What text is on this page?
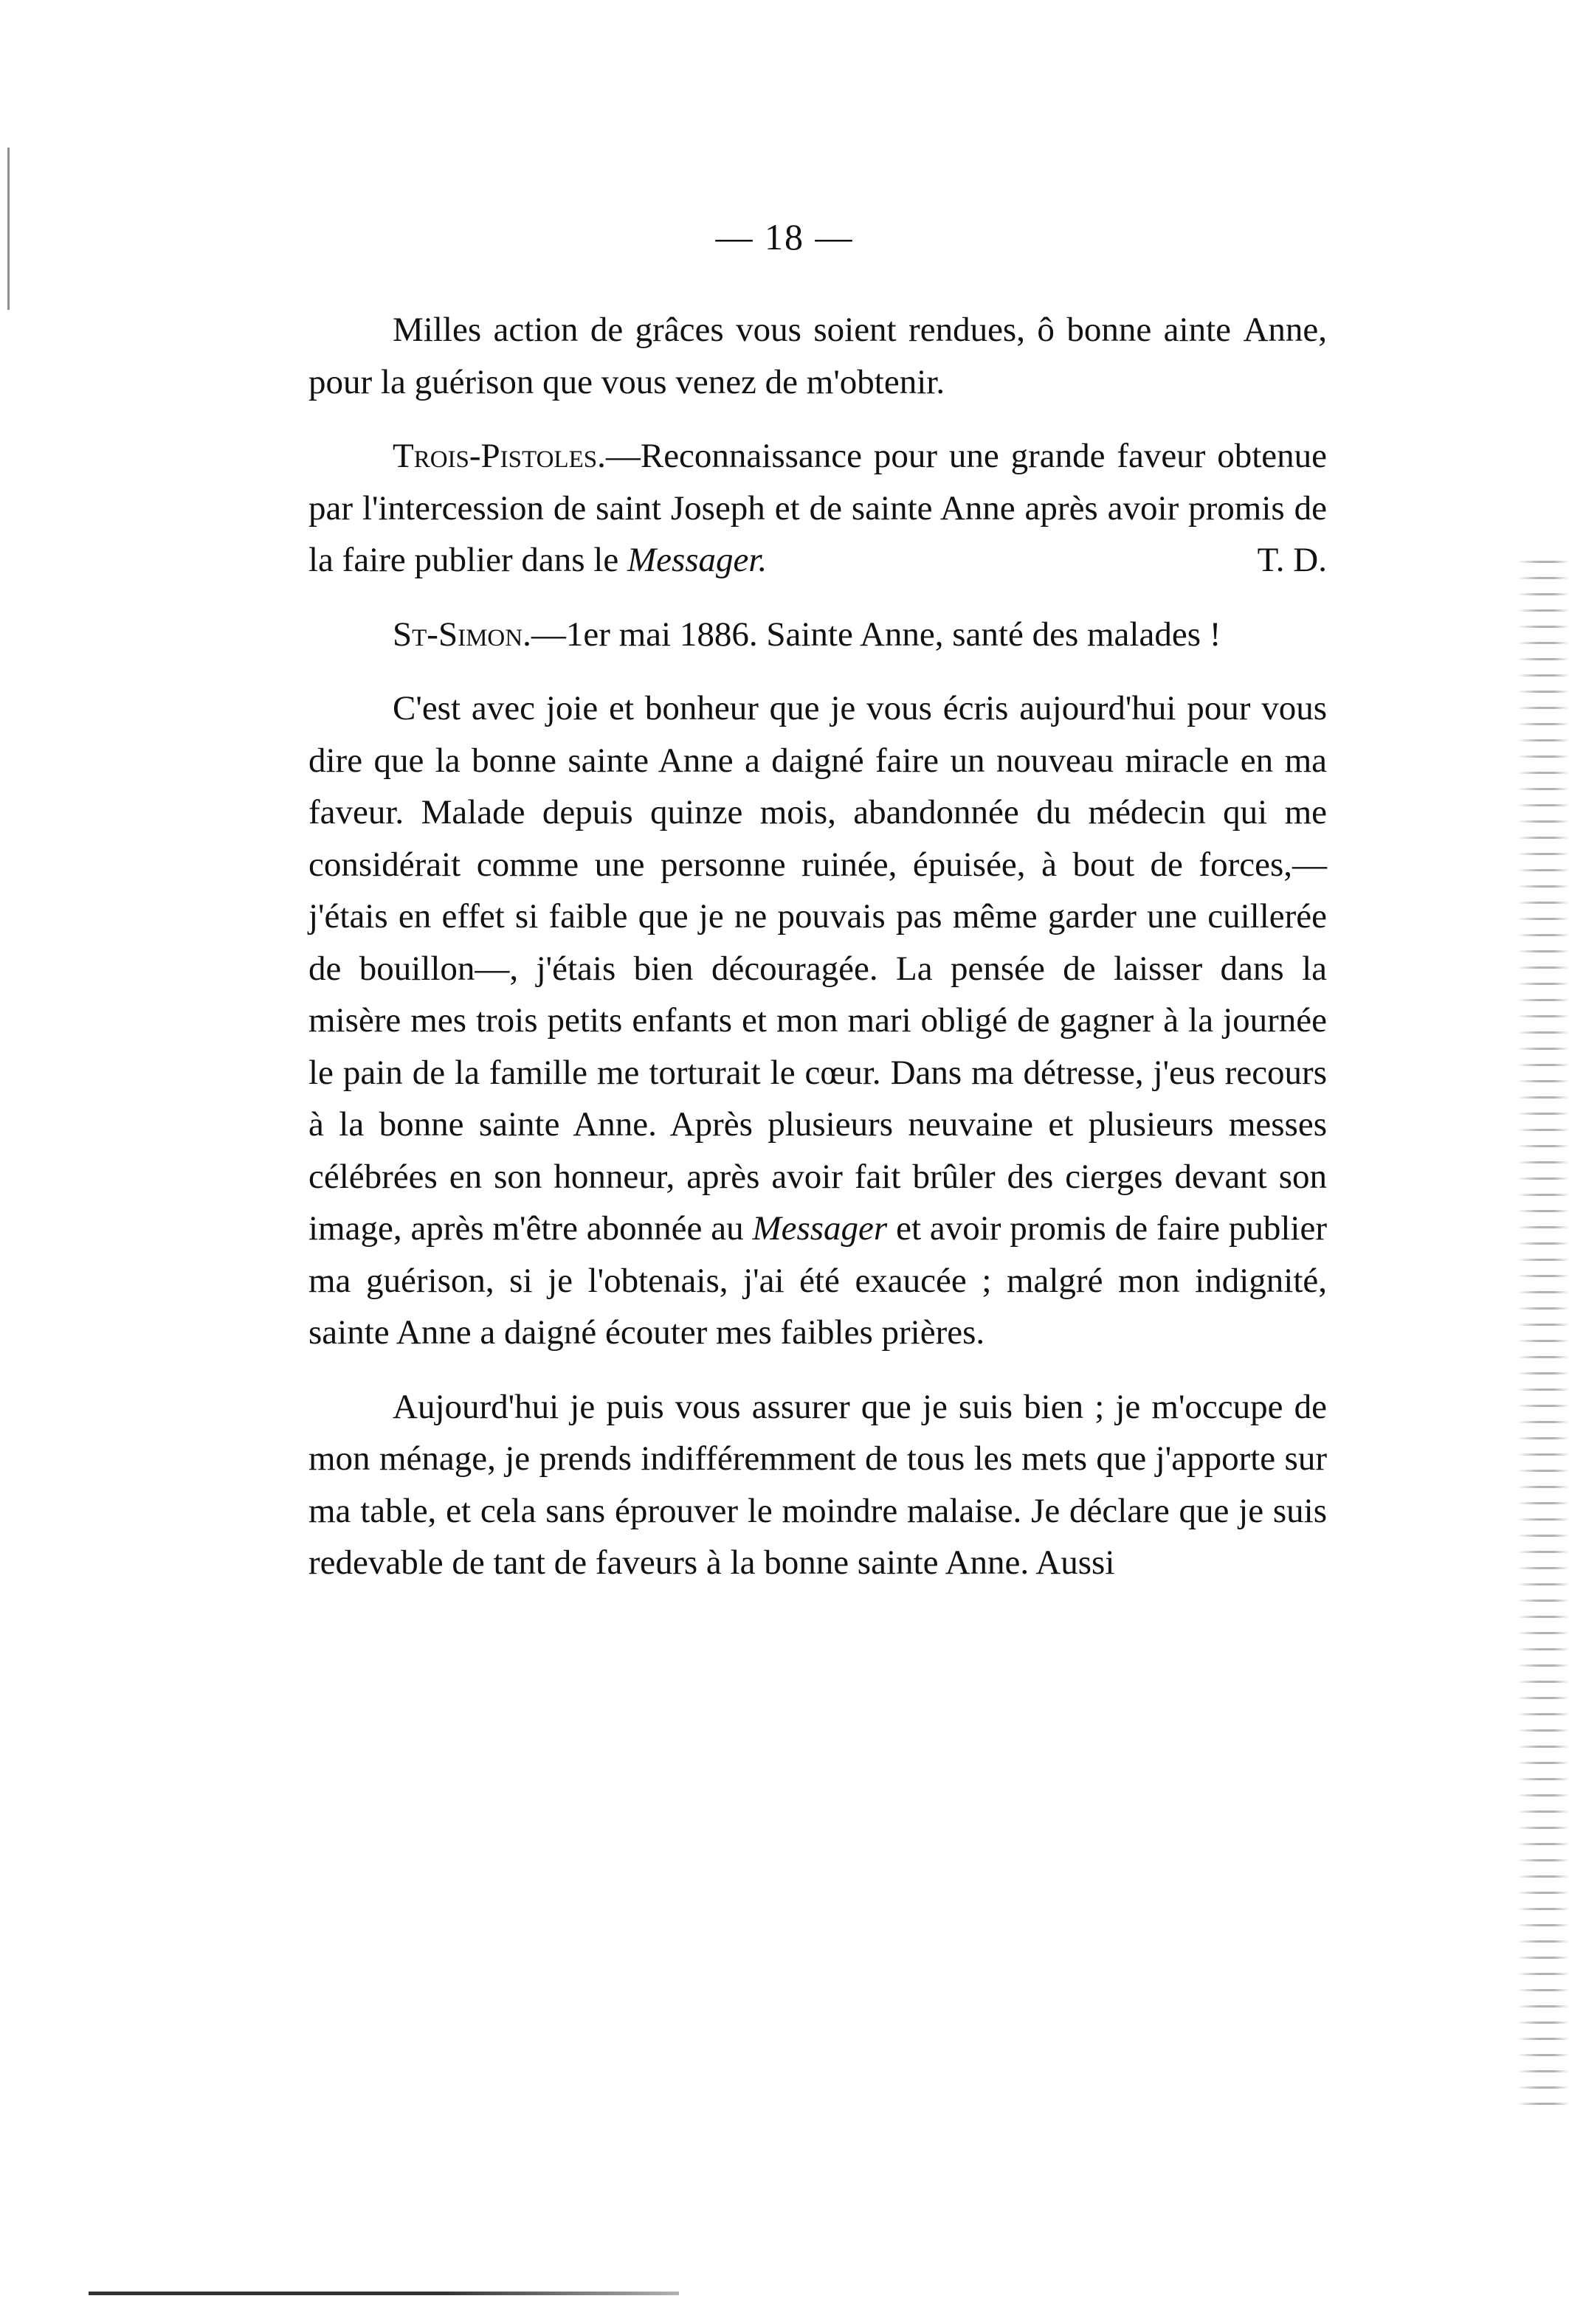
— 18 —

Milles action de grâces vous soient rendues, ô bonne aintе Anne, pour la guérison que vous venez de m'obtenir.

Trois-Pistoles.—Reconnaissance pour une grande faveur obtenue par l'intercession de saint Joseph et de sainte Anne après avoir promis de la faire publier dans le Messager.	T. D.

St-Simon.—1er mai 1886. Sainte Anne, santé des malades !

C'est avec joie et bonheur que je vous écris aujourd'hui pour vous dire que la bonne sainte Anne a daigné faire un nouveau miracle en ma faveur. Malade depuis quinze mois, abandonnée du médecin qui me considérait comme une personne ruinée, épuisée, à bout de forces,—j'étais en effet si faible que je ne pouvais pas même garder une cuillerée de bouillon—, j'étais bien découragée. La pensée de laisser dans la misère mes trois petits enfants et mon mari obligé de gagner à la journée le pain de la famille me torturait le cœur. Dans ma détresse, j'eus recours à la bonne sainte Anne. Après plusieurs neuvaine et plusieurs messes célébrées en son honneur, après avoir fait brûler des cierges devant son image, après m'être abonnée au Messager et avoir promis de faire publier ma guérison, si je l'obtenais, j'ai été exaucée ; malgré mon indignité, sainte Anne a daigné écouter mes faibles prières.

Aujourd'hui je puis vous assurer que je suis bien ; je m'occupe de mon ménage, je prends indifféremment de tous les mets que j'apporte sur ma table, et cela sans éprouver le moindre malaise. Je déclare que je suis redevable de tant de faveurs à la bonne sainte Anne. Aussi
